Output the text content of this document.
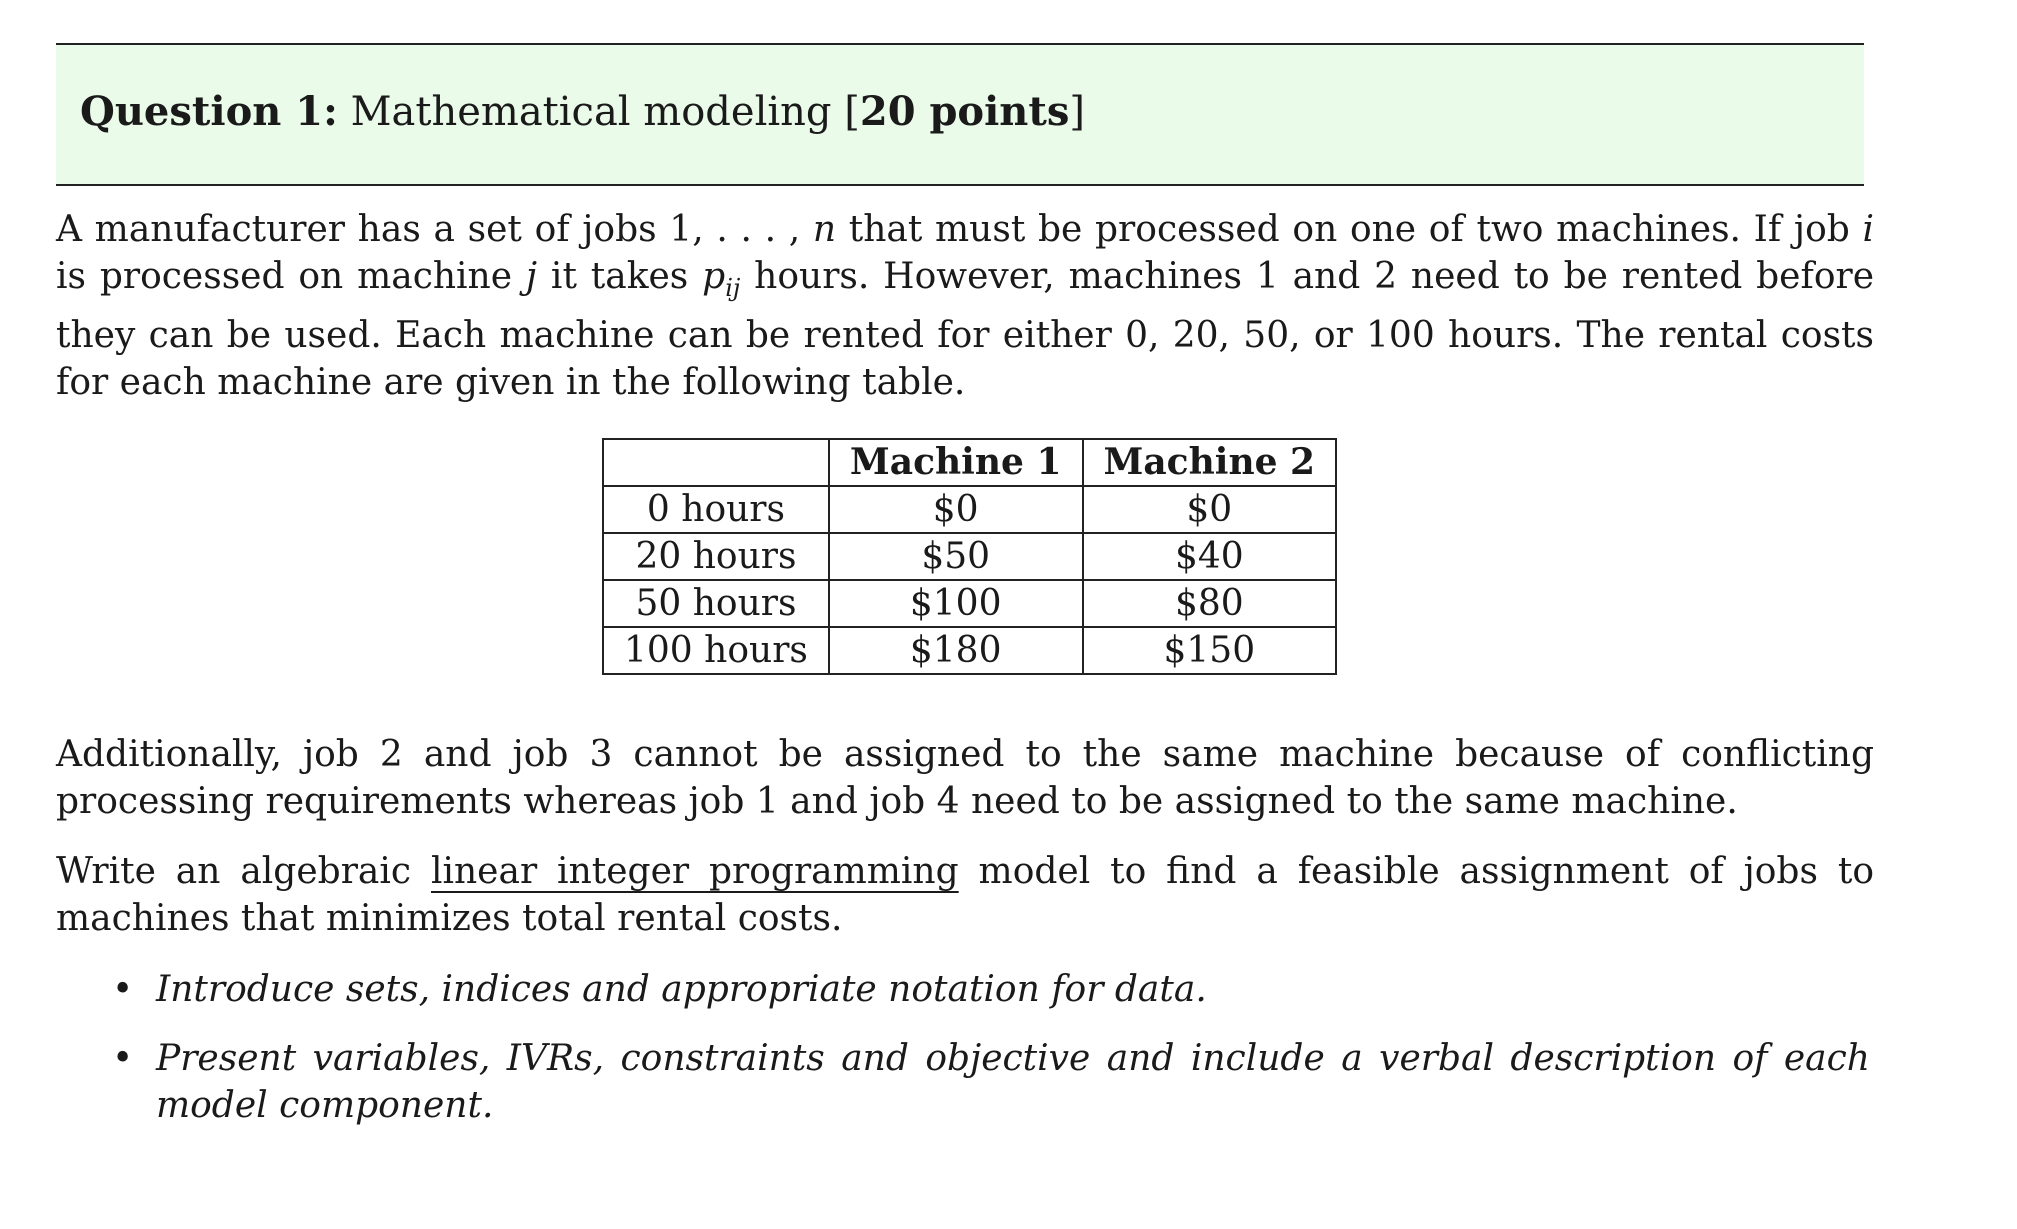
Question 1: Mathematical modeling [20 points]

A manufacturer has a set of jobs 1, . . . , n that must be processed on one of two machines. If job i is processed on machine j it takes $p_{ij}$ hours. However, machines 1 and 2 need to be rented before they can be used. Each machine can be rented for either 0, 20, 50, or 100 hours. The rental costs for each machine are given in the following table.

	Machine 1	Machine 2
0 hours	$0	$0
20 hours	$50	$40
50 hours	$100	$80
100 hours	$180	$150

Additionally, job 2 and job 3 cannot be assigned to the same machine because of conflicting processing requirements whereas job 1 and job 4 need to be assigned to the same machine.

Write an algebraic linear integer programming model to find a feasible assignment of jobs to machines that minimizes total rental costs.

• Introduce sets, indices and appropriate notation for data.
• Present variables, IVRs, constraints and objective and include a verbal description of each model component.
